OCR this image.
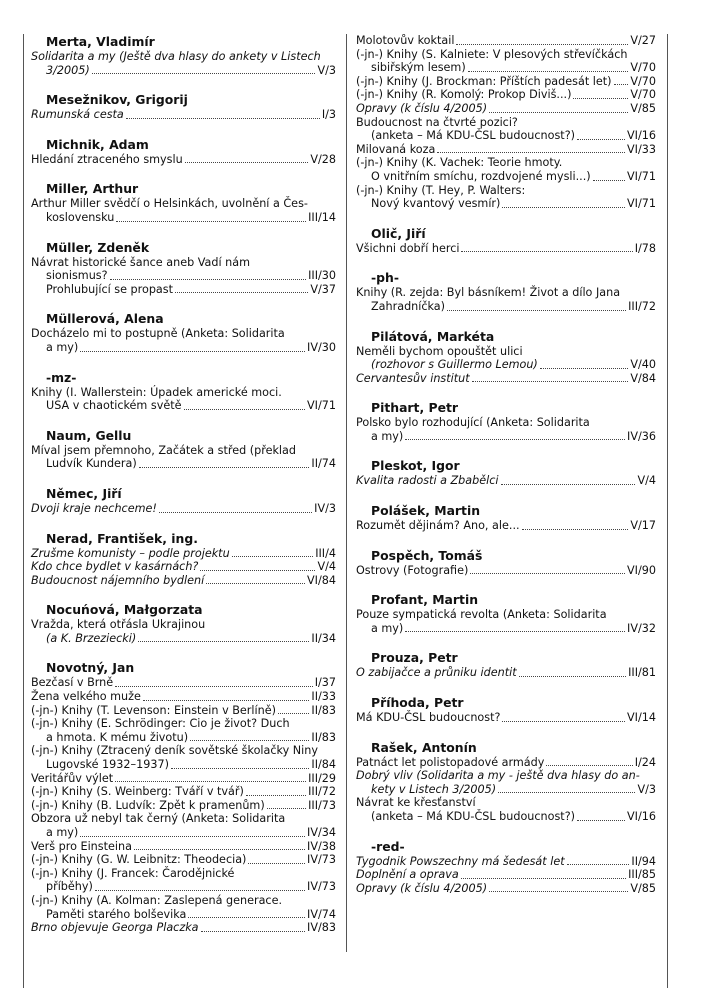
Merta, Vladimír
Solidarita a my (Ještě dva hlasy do ankety v Listech
3/2005)	V/3
Mesežnikov, Grigorij
Rumunská cesta	I/3
Michnik, Adam
Hledání ztraceného smyslu	V/28
Miller, Arthur
Arthur Miller svědčí o Helsinkách, uvolnění a Čes-
koslovensku	III/14
Müller, Zdeněk
Návrat historické šance aneb Vadí nám
sionismus?	III/30
Prohlubující se propast	V/37
Müllerová, Alena
Docházelo mi to postupně (Anketa: Solidarita
a my)	IV/30
-mz-
Knihy (I. Wallerstein: Úpadek americké moci.
USA v chaotickém světě	VI/71
Naum, Gellu
Míval jsem přemnoho, Začátek a střed (překlad
Ludvík Kundera)	II/74
Němec, Jiří
Dvoji kraje nechceme!	IV/3
Nerad, František, ing.
Zrušme komunisty – podle projektu	III/4
Kdo chce bydlet v kasárnách?	V/4
Budoucnost nájemního bydlení	VI/84
Nocuńová, Małgorzata
Vražda, která otřásla Ukrajinou
(a K. Brzeziecki)	II/34
Novotný, Jan
Bezčasí v Brně	I/37
Žena velkého muže	II/33
(-jn-) Knihy (T. Levenson: Einstein v Berlíně)	II/83
(-jn-) Knihy (E. Schrödinger: Cio je život? Duch
a hmota. K mému životu)	II/83
(-jn-) Knihy (Ztracený deník sovětské školačky Niny
Lugovské 1932–1937)	II/84
Veritářův výlet	III/29
(-jn-) Knihy (S. Weinberg: Tváří v tvář)	III/72
(-jn-) Knihy (B. Ludvík: Zpět k pramenům)	III/73
Obzora už nebyl tak černý (Anketa: Solidarita
a my)	IV/34
Verš pro Einsteina	IV/38
(-jn-) Knihy (G. W. Leibnitz: Theodecia)	IV/73
(-jn-) Knihy (J. Francek: Čarodějnické
příběhy)	IV/73
(-jn-) Knihy (A. Kolman: Zaslepená generace.
Paměti starého bolševika	IV/74
Brno objevuje Georga Placzka	IV/83
Molotovův koktail	V/27
(-jn-) Knihy (S. Kalniete: V plesových střevíčkách
sibiřským lesem)	V/70
(-jn-) Knihy (J. Brockman: Příštích padesát let) V/70
(-jn-) Knihy (R. Komolý: Prokop Diviš...)	V/70
Opravy (k číslu 4/2005)	V/85
Budoucnost na čtvrté pozici?
(anketa – Má KDU-ČSL budoucnost?)	VI/16
Milovaná koza	VI/33
(-jn-) Knihy (K. Vachek: Teorie hmoty.
O vnitřním smíchu, rozdvojené mysli...)	VI/71
(-jn-) Knihy (T. Hey, P. Walters:
Nový kvantový vesmír)	VI/71
Olič, Jiří
Všichni dobří herci	I/78
-ph-
Knihy (R. zejda: Byl básníkem! Život a dílo Jana
Zahradníčka)	III/72
Pilátová, Markéta
Neměli bychom opouštět ulici
(rozhovor s Guillermo Lemou)	V/40
Cervantesův institut	V/84
Pithart, Petr
Polsko bylo rozhodující (Anketa: Solidarita
a my)	IV/36
Pleskot, Igor
Kvalita radosti a Zbabělci	V/4
Polášek, Martin
Rozumět dějinám? Ano, ale...	V/17
Pospěch, Tomáš
Ostrovy (Fotografie)	VI/90
Profant, Martin
Pouze sympatická revolta (Anketa: Solidarita
a my)	IV/32
Prouza, Petr
O zabijačce a průniku identit	III/81
Příhoda, Petr
Má KDU-ČSL budoucnost?	VI/14
Rašek, Antonín
Patnáct let polistopadové armády	I/24
Dobrý vliv (Solidarita a my - ještě dva hlasy do an-
kety v Listech 3/2005)	V/3
Návrat ke křesťanství
(anketa – Má KDU-ČSL budoucnost?)	VI/16
-red-
Tygodnik Powszechny má šedesát let	II/94
Doplnění a oprava	III/85
Opravy (k číslu 4/2005)	V/85
